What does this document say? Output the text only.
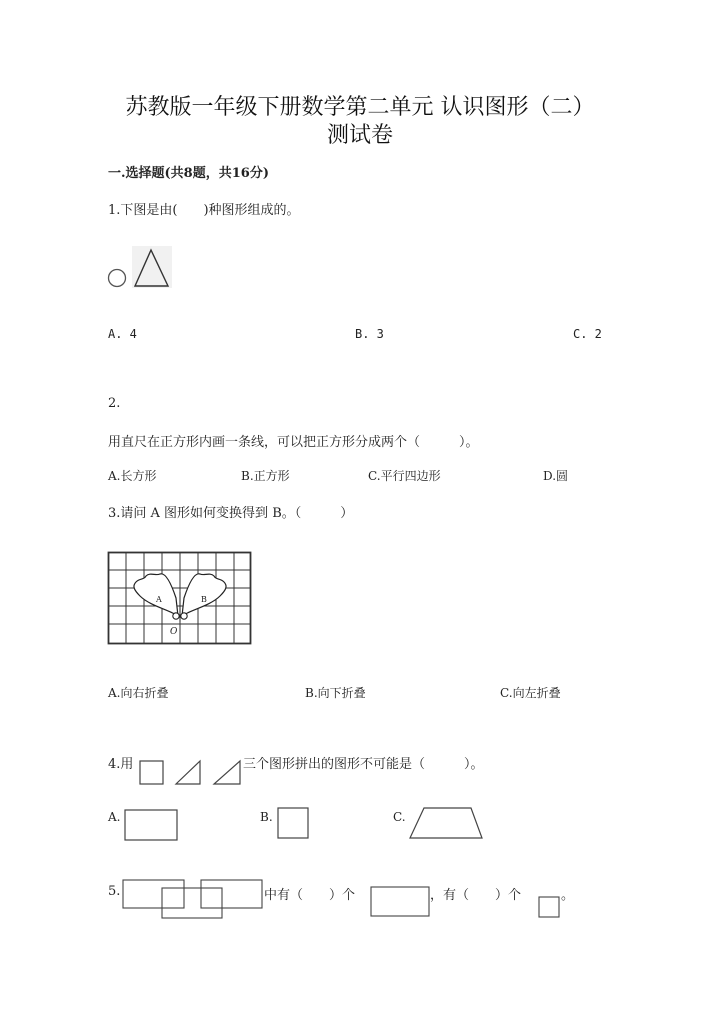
苏教版一年级下册数学第二单元 认识图形（二）
测试卷
一.选择题(共8题，共16分)
1.下图是由(　　)种图形组成的。
A. 4	B. 3	C. 2
2.
用直尺在正方形内画一条线，可以把正方形分成两个（　　　）。
A.长方形	B.正方形	C.平行四边形	D.圆
3.请问 A 图形如何变换得到 B。（　　　）
A	B
O
A.向右折叠	B.向下折叠	C.向左折叠
4.用	三个图形拼出的图形不可能是（　　　）。
A.	B.	C.
5.	中有（　　）个	，有（　　）个	。
